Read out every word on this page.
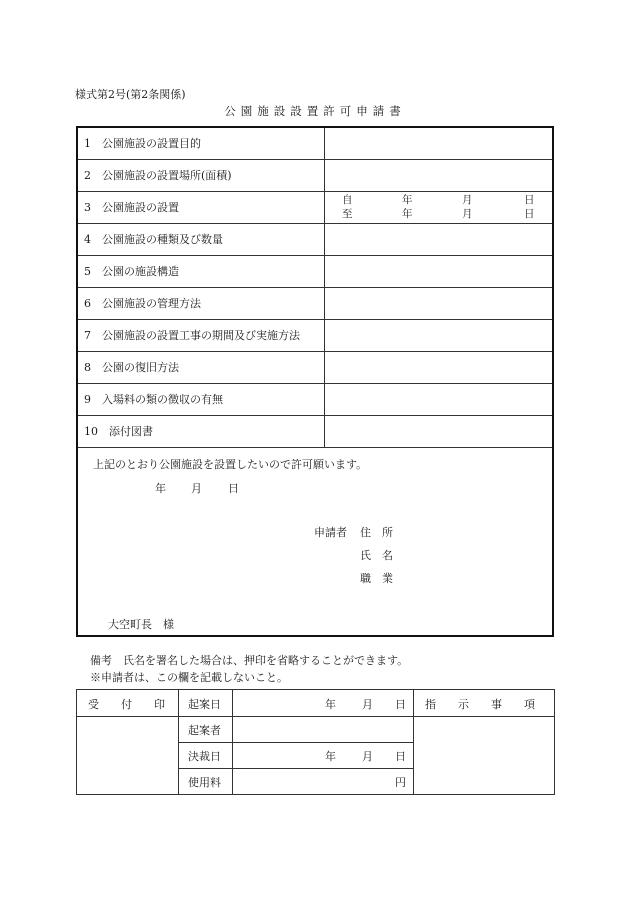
様式第2号(第2条関係)
公園施設設置許可申請書
1　公園施設の設置目的
2　公園施設の設置場所(面積)
3　公園施設の設置
自	年	月	日
至	年	月	日
4　公園施設の種類及び数量
5　公園の施設構造
6　公園施設の管理方法
7　公園施設の設置工事の期間及び実施方法
8　公園の復旧方法
9　入場料の類の徴収の有無
10　添付図書
上記のとおり公園施設を設置したいので許可願います。
年 月 日
申請者 住　所
氏　名
職　業
大空町長　様
備考　氏名を署名した場合は、押印を省略することができます。
※申請者は、この欄を記載しないこと。
受　　付　　印 起案日	年 月 日 指　　示　　事　　項
起案者
決裁日	年 月 日
使用料	円
